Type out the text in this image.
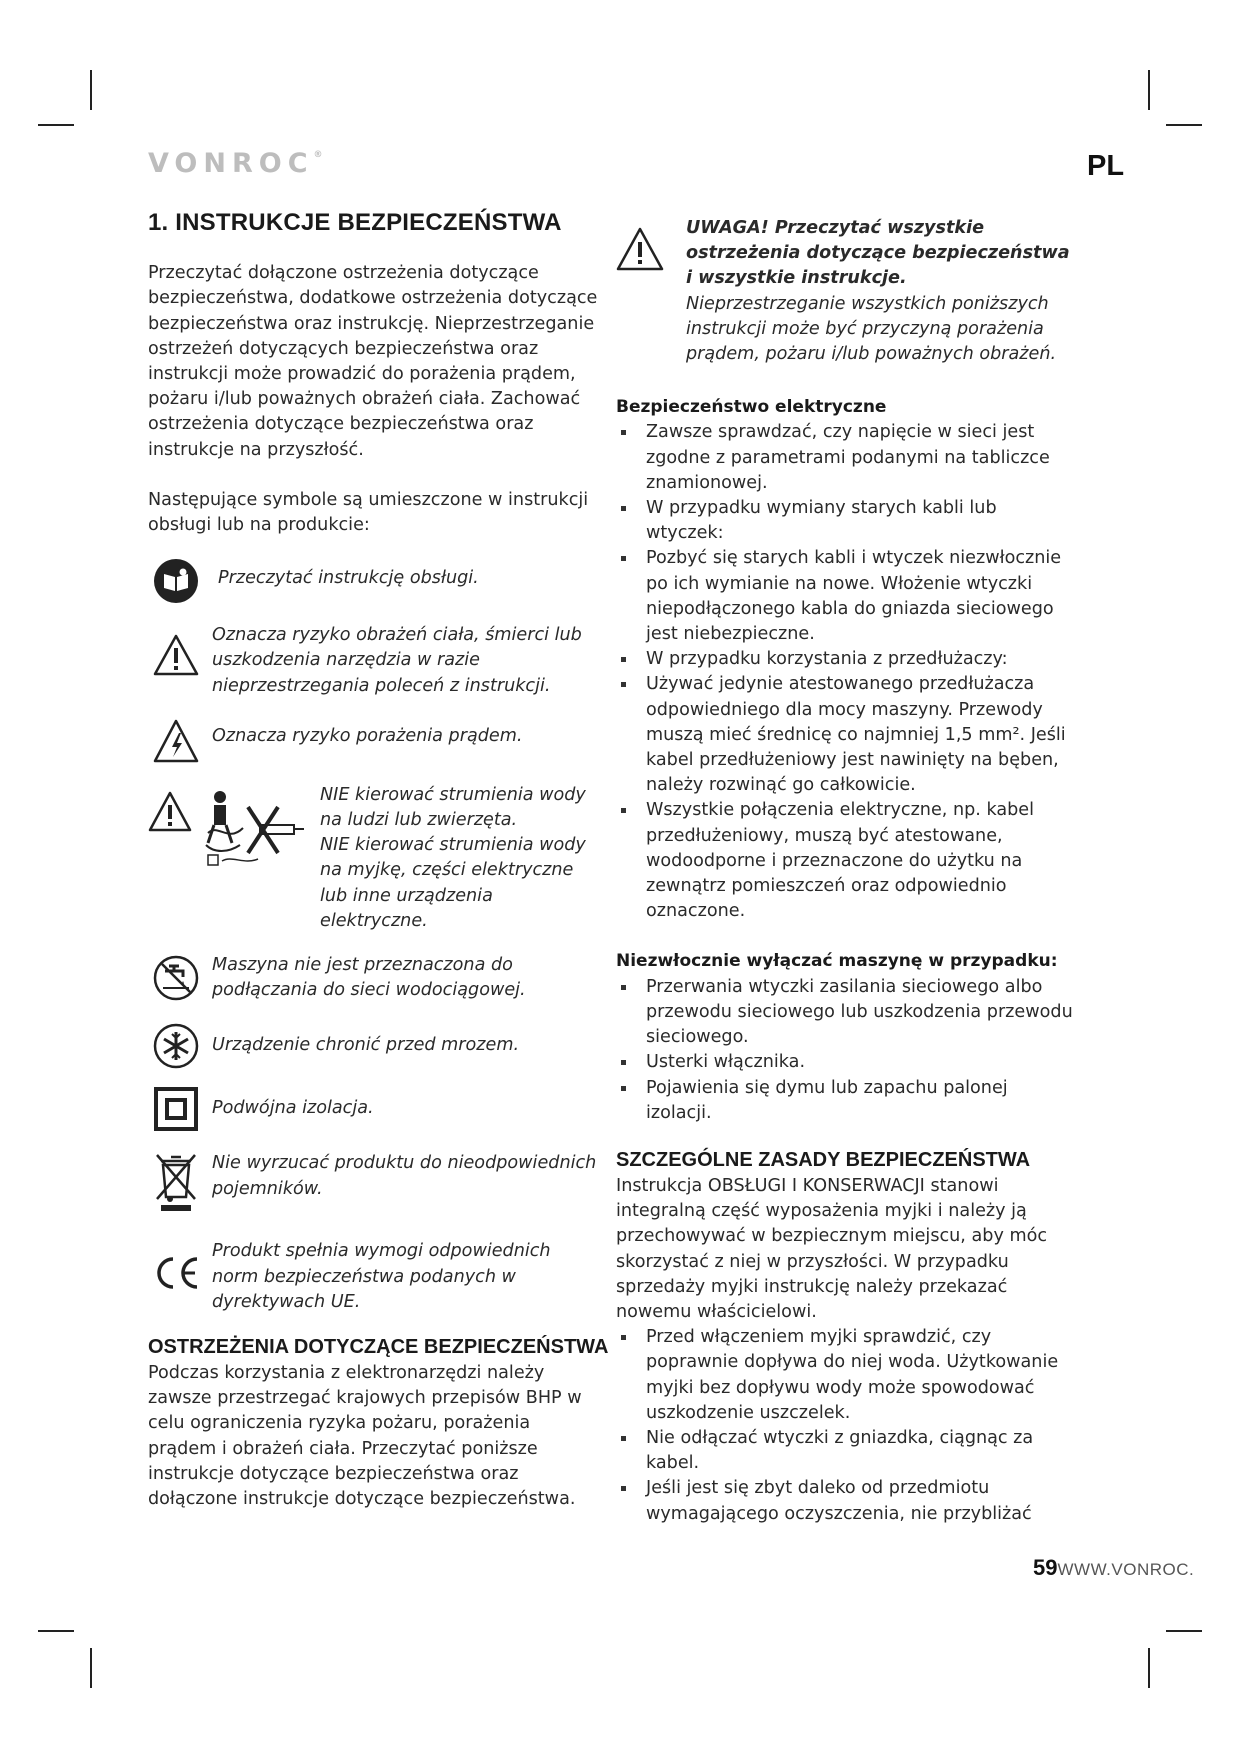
VONROC®	PL
1. INSTRUKCJE BEZPIECZEŃSTWA

Przeczytać dołączone ostrzeżenia dotyczące bezpieczeństwa, dodatkowe ostrzeżenia dotyczące bezpieczeństwa oraz instrukcję. Nieprzestrzeganie ostrzeżeń dotyczących bezpieczeństwa oraz instrukcji może prowadzić do porażenia prądem, pożaru i/lub poważnych obrażeń ciała. Zachować ostrzeżenia dotyczące bezpieczeństwa oraz instrukcje na przyszłość.

Następujące symbole są umieszczone w instrukcji obsługi lub na produkcie:

Przeczytać instrukcję obsługi.
Oznacza ryzyko obrażeń ciała, śmierci lub uszkodzenia narzędzia w razie nieprzestrzegania poleceń z instrukcji.
Oznacza ryzyko porażenia prądem.
NIE kierować strumienia wody na ludzi lub zwierzęta.
NIE kierować strumienia wody na myjkę, części elektryczne lub inne urządzenia elektryczne.
Maszyna nie jest przeznaczona do podłączania do sieci wodociągowej.
Urządzenie chronić przed mrozem.
Podwójna izolacja.
Nie wyrzucać produktu do nieodpowiednich pojemników.
Produkt spełnia wymogi odpowiednich norm bezpieczeństwa podanych w dyrektywach UE.
OSTRZEŻENIA DOTYCZĄCE BEZPIECZEŃSTWA

Podczas korzystania z elektronarzędzi należy zawsze przestrzegać krajowych przepisów BHP w celu ograniczenia ryzyka pożaru, porażenia prądem i obrażeń ciała. Przeczytać poniższe instrukcje dotyczące bezpieczeństwa oraz dołączone instrukcje dotyczące bezpieczeństwa.

UWAGA! Przeczytać wszystkie ostrzeżenia dotyczące bezpieczeństwa i wszystkie instrukcje. Nieprzestrzeganie wszystkich poniższych instrukcji może być przyczyną porażenia prądem, pożaru i/lub poważnych obrażeń.
Bezpieczeństwo elektryczne
Zawsze sprawdzać, czy napięcie w sieci jest zgodne z parametrami podanymi na tabliczce znamionowej.
W przypadku wymiany starych kabli lub wtyczek:
Pozbyć się starych kabli i wtyczek niezwłocznie po ich wymianie na nowe. Włożenie wtyczki niepodłączonego kabla do gniazda sieciowego jest niebezpieczne.
W przypadku korzystania z przedłużaczy:
Używać jedynie atestowanego przedłużacza odpowiedniego dla mocy maszyny. Przewody muszą mieć średnicę co najmniej 1,5 mm². Jeśli kabel przedłużeniowy jest nawinięty na bęben, należy rozwinąć go całkowicie.
Wszystkie połączenia elektryczne, np. kabel przedłużeniowy, muszą być atestowane, wodoodporne i przeznaczone do użytku na zewnątrz pomieszczeń oraz odpowiednio oznaczone.
Niezwłocznie wyłączać maszynę w przypadku:
Przerwania wtyczki zasilania sieciowego albo przewodu sieciowego lub uszkodzenia przewodu sieciowego.
Usterki włącznika.
Pojawienia się dymu lub zapachu palonej izolacji.
SZCZEGÓLNE ZASADY BEZPIECZEŃSTWA

Instrukcja OBSŁUGI I KONSERWACJI stanowi integralną część wyposażenia myjki i należy ją przechowywać w bezpiecznym miejscu, aby móc skorzystać z niej w przyszłości. W przypadku sprzedaży myjki instrukcję należy przekazać nowemu właścicielowi.

Przed włączeniem myjki sprawdzić, czy poprawnie dopływa do niej woda. Użytkowanie myjki bez dopływu wody może spowodować uszkodzenie uszczelek.
Nie odłączać wtyczki z gniazdka, ciągnąc za kabel.
Jeśli jest się zbyt daleko od przedmiotu wymagającego oczyszczenia, nie przybliżać
59WWW.VONROC.
